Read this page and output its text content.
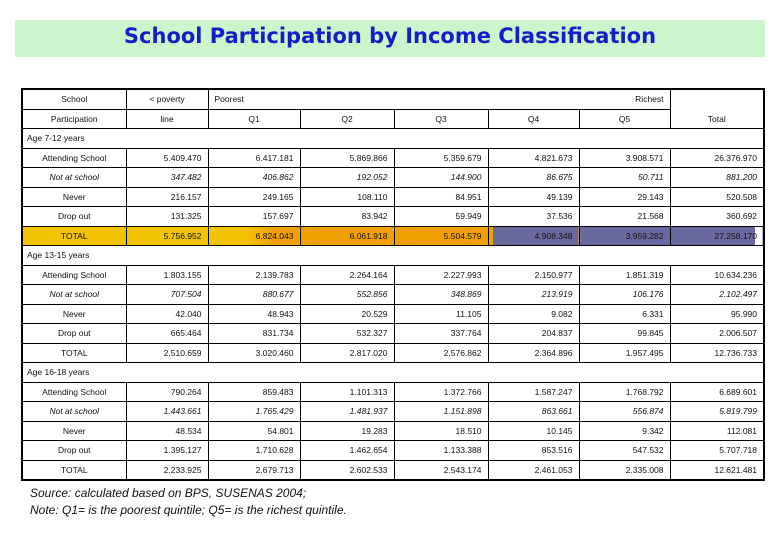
School Participation by Income Classification
School	< poverty	Poorest Richest					Total
Participation	line	Q1	Q2	Q3	Q4	Q5	
Age 7-12 years							
Attending School	5.409.470	6.417.181	5.869.866	5.359.679	4.821.673	3.908.571	26.376.970
Not at school	347.482	406.862	192.052	144.900	86.675	50.711	881.200
Never	216.157	249.165	108.110	84.951	49.139	29.143	520.508
Drop out	131.325	157.697	83.942	59.949	37.536	21.568	360.692
TOTAL	5.756.952	6.824.043	6.061.918	5.504.579	4.908.348	3.959.282	27.258.170
Age 13-15 years							
Attending School	1.803.155	2.139.783	2.264.164	2.227.993	2.150.977	1.851.319	10.634.236
Not at school	707.504	880.677	552.856	348.869	213.919	106.176	2.102.497
Never	42.040	48.943	20.529	11.105	9.082	6.331	95.990
Drop out	665.464	831.734	532.327	337.764	204.837	99.845	2.006.507
TOTAL	2.510.659	3.020.460	2.817.020	2.576.862	2.364.896	1.957.495	12.736.733
Age 16-18 years							
Attending School	790.264	859.483	1.101.313	1.372.766	1.587.247	1.768.792	6.689.601
Not at school	1.443.661	1.765.429	1.481.937	1.151.898	863.661	556.874	5.819.799
Never	48.534	54.801	19.283	18.510	10.145	9.342	112.081
Drop out	1.395.127	1.710.628	1.462.654	1.133.388	853.516	547.532	5.707.718
TOTAL	2.233.925	2.679.713	2.602.533	2.543.174	2.461.053	2.335.008	12.621.481
Source: calculated based on BPS, SUSENAS 2004;
Note: Q1= is the poorest quintile; Q5= is the richest quintile.
